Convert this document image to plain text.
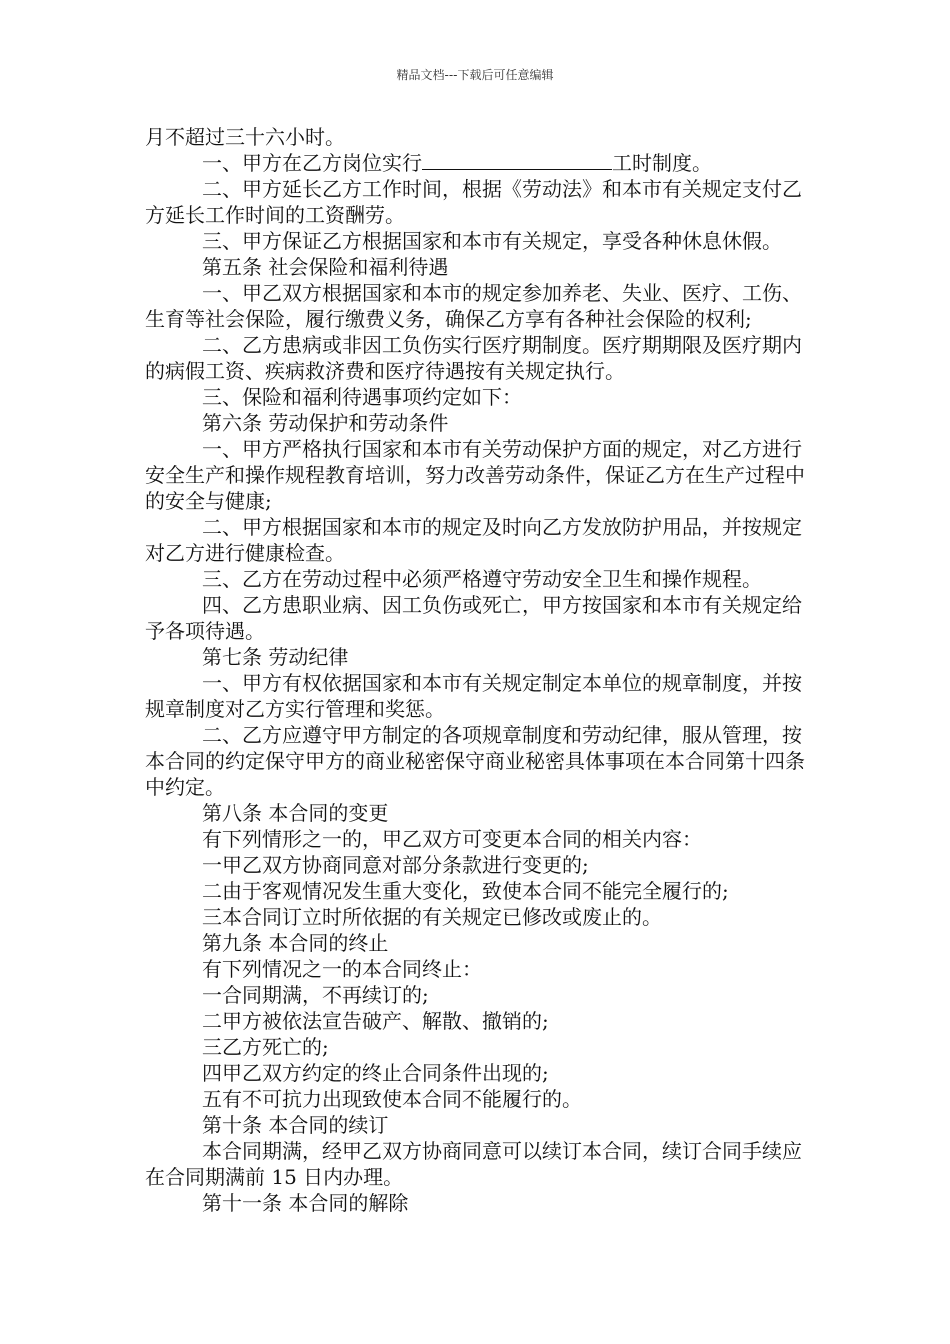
精品文档---下载后可任意编辑

月不超过三十六小时。

一、甲方在乙方岗位实行	工时制度。

二、甲方延长乙方工作时间，根据《劳动法》和本市有关规定支付乙方延长工作时间的工资酬劳。

三、甲方保证乙方根据国家和本市有关规定，享受各种休息休假。

第五条 社会保险和福利待遇

一、甲乙双方根据国家和本市的规定参加养老、失业、医疗、工伤、生育等社会保险，履行缴费义务，确保乙方享有各种社会保险的权利;

二、乙方患病或非因工负伤实行医疗期制度。医疗期期限及医疗期内的病假工资、疾病救济费和医疗待遇按有关规定执行。

三、保险和福利待遇事项约定如下：

第六条 劳动保护和劳动条件

一、甲方严格执行国家和本市有关劳动保护方面的规定，对乙方进行安全生产和操作规程教育培训，努力改善劳动条件，保证乙方在生产过程中的安全与健康;

二、甲方根据国家和本市的规定及时向乙方发放防护用品，并按规定对乙方进行健康检查。

三、乙方在劳动过程中必须严格遵守劳动安全卫生和操作规程。

四、乙方患职业病、因工负伤或死亡，甲方按国家和本市有关规定给予各项待遇。

第七条 劳动纪律

一、甲方有权依据国家和本市有关规定制定本单位的规章制度，并按规章制度对乙方实行管理和奖惩。

二、乙方应遵守甲方制定的各项规章制度和劳动纪律，服从管理，按本合同的约定保守甲方的商业秘密保守商业秘密具体事项在本合同第十四条中约定。

第八条 本合同的变更

有下列情形之一的，甲乙双方可变更本合同的相关内容：

一甲乙双方协商同意对部分条款进行变更的;

二由于客观情况发生重大变化，致使本合同不能完全履行的;

三本合同订立时所依据的有关规定已修改或废止的。

第九条 本合同的终止

有下列情况之一的本合同终止：

一合同期满，不再续订的;

二甲方被依法宣告破产、解散、撤销的;

三乙方死亡的;

四甲乙双方约定的终止合同条件出现的;

五有不可抗力出现致使本合同不能履行的。

第十条 本合同的续订

本合同期满，经甲乙双方协商同意可以续订本合同，续订合同手续应在合同期满前 15 日内办理。

第十一条 本合同的解除
